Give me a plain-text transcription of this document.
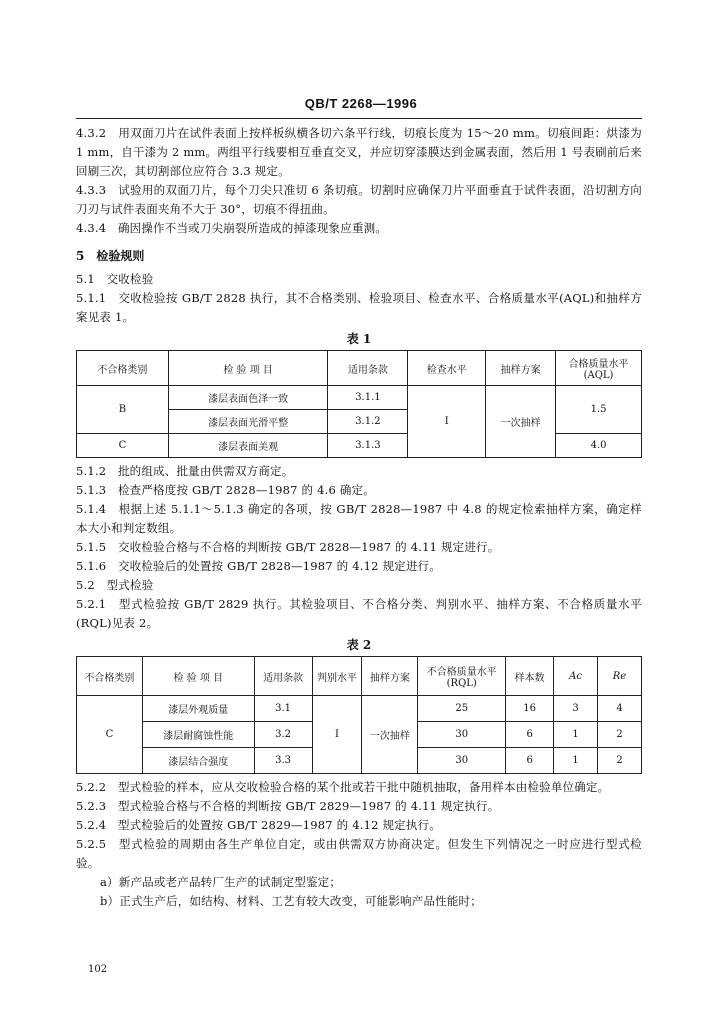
QB/T 2268—1996

4.3.2　用双面刀片在试件表面上按样板纵横各切六条平行线，切痕长度为 15～20 mm。切痕间距：烘漆为 1 mm，自干漆为 2 mm。两组平行线要相互垂直交叉，并应切穿漆膜达到金属表面，然后用 1 号表刷前后来回刷三次，其切割部位应符合 3.3 规定。

4.3.3　试验用的双面刀片，每个刀尖只准切 6 条切痕。切割时应确保刀片平面垂直于试件表面，沿切割方向刀刃与试件表面夹角不大于 30°，切痕不得扭曲。

4.3.4　确因操作不当或刀尖崩裂所造成的掉漆现象应重测。

5　检验规则

5.1　交收检验

5.1.1　交收检验按 GB/T 2828 执行，其不合格类别、检验项目、检查水平、合格质量水平(AQL)和抽样方案见表 1。

表 1
不合格类别	检 验 项 目	适用条款	检查水平	抽样方案	合格质量水平
(AQL)
B	漆层表面色泽一致	3.1.1	Ⅰ	一次抽样	1.5
	漆层表面光滑平整	3.1.2			
C	漆层表面美观	3.1.3			4.0

5.1.2　批的组成、批量由供需双方商定。

5.1.3　检查严格度按 GB/T 2828—1987 的 4.6 确定。

5.1.4　根据上述 5.1.1～5.1.3 确定的各项，按 GB/T 2828—1987 中 4.8 的规定检索抽样方案，确定样本大小和判定数组。

5.1.5　交收检验合格与不合格的判断按 GB/T 2828—1987 的 4.11 规定进行。

5.1.6　交收检验后的处置按 GB/T 2828—1987 的 4.12 规定进行。

5.2　型式检验

5.2.1　型式检验按 GB/T 2829 执行。其检验项目、不合格分类、判别水平、抽样方案、不合格质量水平(RQL)见表 2。

表 2
不合格类别	检 验 项 目	适用条款	判别水平	抽样方案	不合格质量水平
(RQL)	样本数	Ac	Re
C	漆层外观质量	3.1	Ⅰ	一次抽样	25	16	3	4
	漆层耐腐蚀性能	3.2			30	6	1	2
	漆层结合强度	3.3			30	6	1	2

5.2.2　型式检验的样本，应从交收检验合格的某个批或若干批中随机抽取，备用样本由检验单位确定。

5.2.3　型式检验合格与不合格的判断按 GB/T 2829—1987 的 4.11 规定执行。

5.2.4　型式检验后的处置按 GB/T 2829—1987 的 4.12 规定执行。

5.2.5　型式检验的周期由各生产单位自定，或由供需双方协商决定。但发生下列情况之一时应进行型式检验。

a）新产品或老产品转厂生产的试制定型鉴定；

b）正式生产后，如结构、材料、工艺有较大改变，可能影响产品性能时；

102
